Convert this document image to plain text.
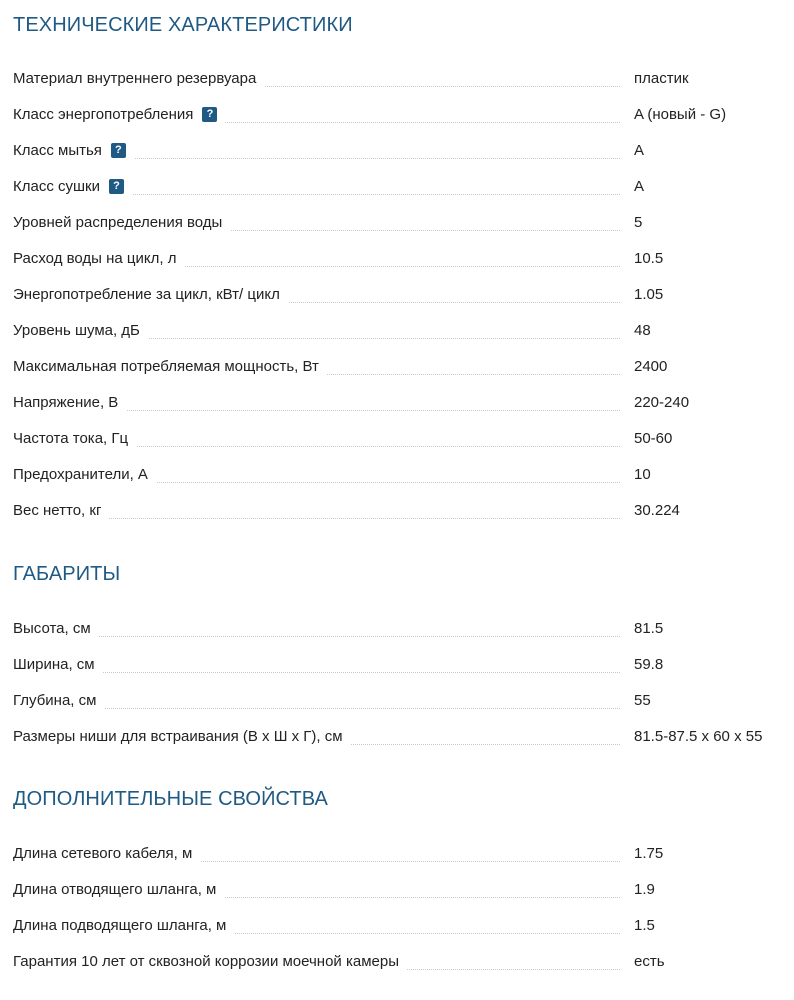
ТЕХНИЧЕСКИЕ ХАРАКТЕРИСТИКИ
Материал внутреннего резервуара	пластик
Класс энергопотребления	?	A (новый - G)
Класс мытья	?	A
Класс сушки	?	A
Уровней распределения воды	5
Расход воды на цикл, л	10.5
Энергопотребление за цикл, кВт/ цикл	1.05
Уровень шума, дБ	48
Максимальная потребляемая мощность, Вт	2400
Напряжение, В	220-240
Частота тока, Гц	50-60
Предохранители, А	10
Вес нетто, кг	30.224
ГАБАРИТЫ
Высота, см	81.5
Ширина, см	59.8
Глубина, см	55
Размеры ниши для встраивания (В х Ш х Г), см	81.5-87.5 x 60 x 55
ДОПОЛНИТЕЛЬНЫЕ СВОЙСТВА
Длина сетевого кабеля, м	1.75
Длина отводящего шланга, м	1.9
Длина подводящего шланга, м	1.5
Гарантия 10 лет от сквозной коррозии моечной камеры	есть
